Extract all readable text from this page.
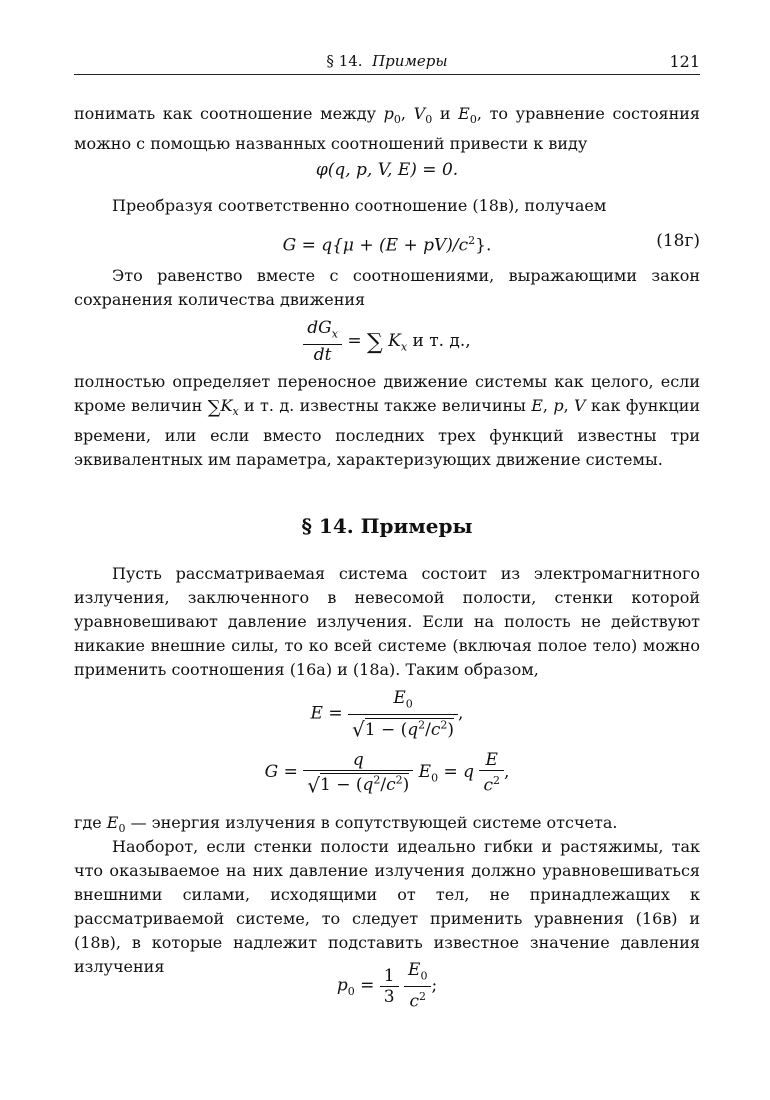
§ 14. Примеры	121

понимать как соотношение между $p_0$, $V_0$ и $E_0$, то уравнение состояния можно с помощью названных соотношений привести к виду

φ(q, p, V, E) = 0.

Преобразуя соответственно соотношение (18в), получаем

$G = q\{\mu + (E + pV)/c^2\}$.	(18г)

Это равенство вместе с соотношениями, выражающими закон сохранения количества движения

$\frac{dG_x}{dt}$ = ∑ $K_x$ и т. д.,

полностью определяет переносное движение системы как целого, если кроме величин $\sum K_x$ и т. д. известны также величины E, p, V как функции времени, или если вместо последних трех функций известны три эквивалентных им параметра, характеризующих движение системы.

§ 14. Примеры

Пусть рассматриваемая система состоит из электромагнитного излучения, заключенного в невесомой полости, стенки которой уравновешивают давление излучения. Если на полость не действуют никакие внешние силы, то ко всей системе (включая полое тело) можно применить соотношения (16а) и (18а). Таким образом,

$E = \frac{E_0}{√1 - (q^2/c^2)}$ ,
$G = \frac{q}{√1 - (q^2/c^2)} E_0 = q \frac{E}{c^2}$ ,

где $E_0$ — энергия излучения в сопутствующей системе отсчета.

Наоборот, если стенки полости идеально гибки и растяжимы, так что оказываемое на них давление излучения должно уравновешиваться внешними силами, исходящими от тел, не принадлежащих к рассматриваемой системе, то следует применить уравнения (16в) и (18в), в которые надлежит подставить известное значение давления излучения

$p_0 = \frac{1}{3}$
$\frac{E_0}{c^2}$ ;
